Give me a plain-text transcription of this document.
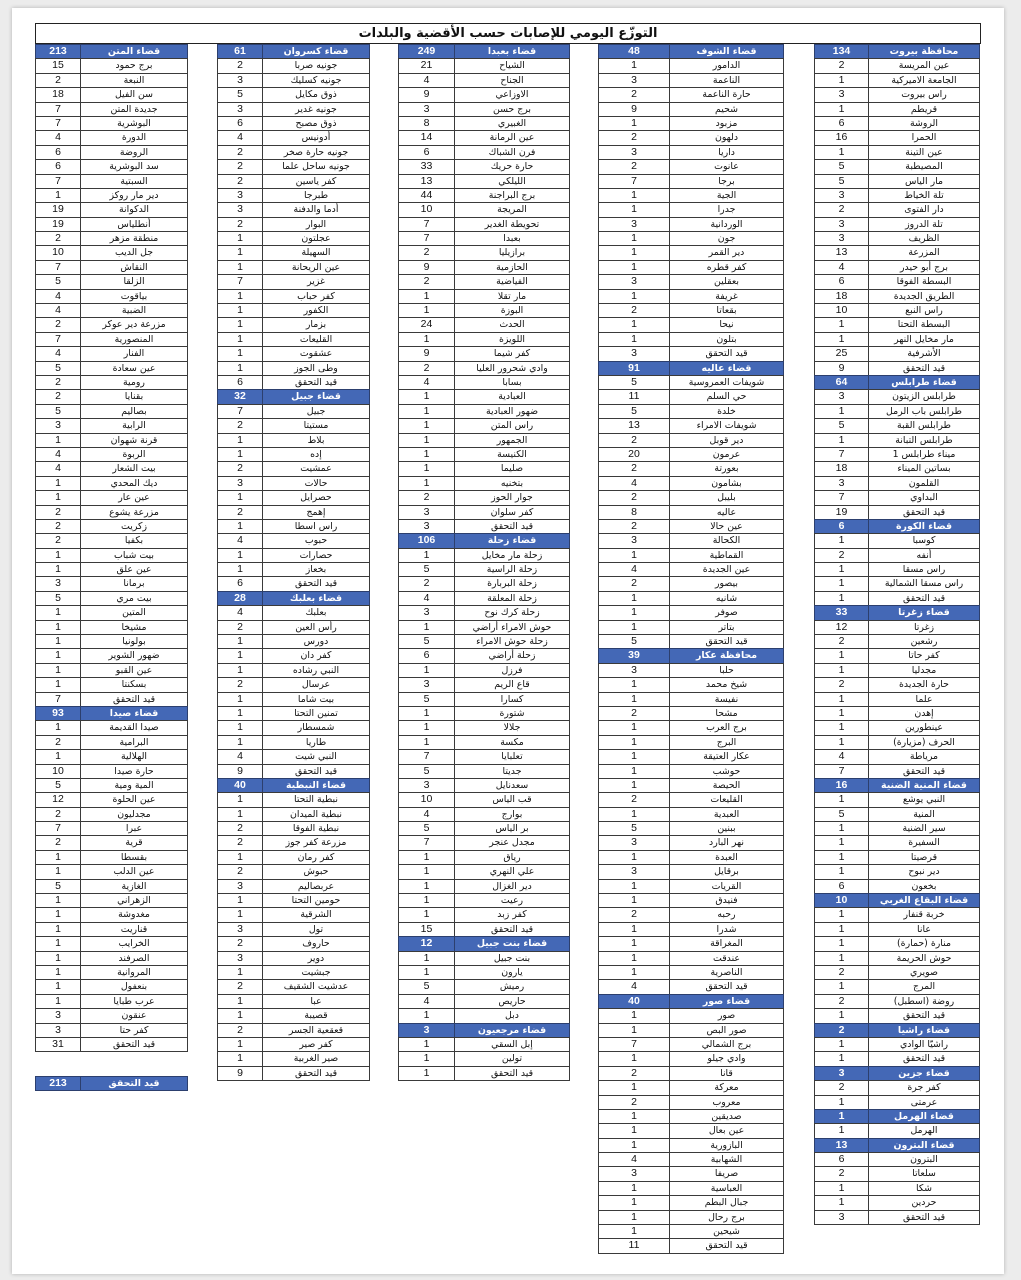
التوزّع اليومي للإصابات حسب الأقضية والبلدات
213	قضاء المتن
15	برج حمود
2	النبعة
18	سن الفيل
7	جديدة المتن
7	البوشرية
4	الدورة
6	الروضة
6	سد البوشرية
7	السبتية
1	دير مار روكز
19	الدكوانة
19	أنطلياس
2	منطقة مزهر
10	جل الديب
7	النقاش
5	الزلقا
4	بياقوت
4	الضبية
2	مزرعة دير عوكر
7	المنصورية
4	الفنار
5	عين سعادة
2	رومية
2	بقنايا
5	بصاليم
3	الرابية
1	قرنة شهوان
4	الربوة
4	بيت الشعار
1	ديك المحدي
1	عين عار
2	مزرعة يشوع
2	زكريت
2	بكفيا
1	بيت شباب
1	عين علق
3	برمانا
5	بيت مري
1	المتين
1	مشيخا
1	بولونيا
1	ضهور الشوير
1	عين القبو
1	بسكنتا
7	قيد التحقق
93	قضاء صيدا
1	صيدا القديمة
2	البرامية
1	الهلالية
10	حارة صيدا
5	المية ومية
12	عين الحلوة
2	مجدليون
7	عبرا
2	قرية
1	بقسطا
1	عين الدلب
5	الغازية
1	الزهراني
1	مغدوشة
1	قناريت
1	الخرايب
1	الصرفند
1	المروانية
1	بنعفول
1	عرب طبايا
3	عنقون
3	كفر حتا
31	قيد التحقق
61	قضاء كسروان
2	جونيه صربا
3	جونيه كسليك
5	ذوق مكايل
3	جونيه غدير
6	ذوق مصبح
4	أدونيس
2	جونيه حارة صخر
2	جونيه ساحل علما
2	كفر ياسين
3	طبرجا
3	أدما والدفنة
2	البوار
1	عجلتون
1	السهيلة
1	عين الريحانة
7	غزير
1	كفر حباب
1	الكفور
1	بزمار
1	القليعات
1	عشقوت
1	وطى الجوز
6	قيد التحقق
32	قضاء جبيل
7	جبيل
2	مستيتا
1	بلاط
1	إده
2	عمشيت
3	حالات
1	حصرايل
2	إهمج
1	راس اسطا
4	حبوب
1	حصارات
1	بخعاز
6	قيد التحقق
28	قضاء بعلبك
4	بعلبك
2	رأس العين
1	دورس
1	كفر دان
1	النبي رشاده
2	عرسال
1	بيت شاما
1	تمنين التحتا
1	شمسطار
1	طاريا
4	النبي شيت
9	قيد التحقق
40	قضاء النبطية
1	نبطية التحتا
1	نبطية الميدان
2	نبطية الفوقا
2	مزرعة كفر جوز
1	كفر رمان
2	حبوش
3	عربصاليم
1	حومين التحتا
1	الشرقية
3	تول
2	حاروف
3	دوير
1	جبشيت
2	عدشيت الشقيف
1	عبا
1	قصيبة
2	قعقعية الجسر
1	كفر صير
1	صير الغربية
9	قيد التحقق
249	قضاء بعبدا
21	الشياح
4	الجناح
9	الاوزاعي
3	برج حسن
8	الغبيري
14	عين الرمانة
6	فرن الشباك
33	حارة حريك
13	الليلكي
44	برج البراجنة
10	المريجة
7	تحويطة الغدير
7	بعبدا
2	برازيليا
9	الحازمية
2	الفياضية
1	مار تقلا
1	البوزة
24	الحدث
1	اللويزة
9	كفر شيما
2	وادي شحرور العليا
4	بسابا
1	العبادية
1	ضهور العبادية
1	راس المتن
1	الجمهور
1	الكنيسة
1	صليما
1	بتخنيه
2	جوار الحوز
3	كفر سلوان
3	قيد التحقق
106	قضاء زحلة
1	زحلة مار مخايل
5	زحلة الراسية
2	زحلة البربارة
4	زحلة المعلقة
3	زحلة كرك نوح
1	حوش الامراء أراضي
5	زحلة حوش الامراء
6	زحلة أراضي
1	فرزل
3	قاع الريم
5	كسارا
1	شتورة
1	جلالا
1	مكسة
7	تعلبايا
5	جديتا
3	سعدنايل
10	قب الياس
4	بوارج
5	بر الياس
7	مجدل عنجر
1	رياق
1	علي النهري
1	دير الغزال
1	رعيت
1	كفر زبد
15	قيد التحقق
12	قضاء بنت جبيل
1	بنت جبيل
1	يارون
5	رميش
4	حاريص
1	دبل
3	قضاء مرجعيون
1	إبل السقي
1	تولين
1	قيد التحقق
48	قضاء الشوف
1	الدامور
3	الناعمة
2	حارة الناعمة
9	شحيم
1	مزبود
2	دلهون
3	داريا
2	عانوت
7	برجا
1	الجية
1	جدرا
3	الوردانية
1	جون
1	دير القمر
1	كفر قطره
3	بعقلين
1	غريفة
2	بقعاتا
1	نيحا
1	بتلون
3	قيد التحقق
91	قضاء عاليه
5	شويفات العمروسية
11	حي السلم
5	خلدة
13	شويفات الامراء
2	دير قوبل
20	عرمون
2	بعورتة
4	بشامون
2	بليبل
8	عاليه
2	عين حالا
3	الكحالة
1	القماطية
4	عين الجديدة
2	بيصور
1	شانيه
1	صوفر
1	بتاتر
5	قيد التحقق
39	محافظة عكار
3	حلبا
1	شيخ محمد
1	نفيسة
2	مشحا
1	برج العرب
1	البرج
1	عكار العتيقة
1	حوشب
1	الحيصة
2	القليعات
1	العبدية
5	ببنين
3	نهر البارد
1	العبدة
3	برقايل
1	القريات
1	فنيدق
2	رحبه
1	شدرا
1	المغراقة
1	عندقت
1	الناصرية
4	قيد التحقق
40	قضاء صور
1	صور
1	صور البص
7	برج الشمالي
1	وادي جيلو
2	قانا
1	معركة
2	معروب
1	صديقين
1	عين بعال
1	البازورية
4	الشهابية
3	صريفا
1	العباسية
1	جبال البطم
1	برج رحال
1	شيحين
11	قيد التحقق
134	محافظة بيروت
2	عين المريسة
1	الجامعة الاميركية
3	راس بيروت
1	قريطم
6	الروشة
16	الحمرا
1	عين التينة
5	المصيطبة
5	مار الياس
3	تلة الخياط
2	دار الفتوى
3	تلة الدروز
3	الظريف
13	المزرعة
4	برج أبو حيدر
6	البسطة الفوقا
18	الطريق الجديدة
10	راس النبع
1	البسطة التحتا
1	مار مخايل النهر
25	الأشرفية
9	قيد التحقق
64	قضاء طرابلس
3	طرابلس الزيتون
1	طرابلس باب الرمل
5	طرابلس القبة
1	طرابلس التبانة
7	ميناء طرابلس 1
18	بساتين الميناء
3	القلمون
7	البداوي
19	قيد التحقق
6	قضاء الكورة
1	كوسبا
2	أنفه
1	راس مسقا
1	راس مسقا الشمالية
1	قيد التحقق
33	قضاء زغرتا
12	زغرتا
2	رشعين
1	كفر حاتا
1	مجدليا
2	حارة الجديدة
1	علما
1	إهدن
1	عينطورين
1	الحرف (مزيارة)
4	مرياطة
7	قيد التحقق
16	قضاء المنية الضنية
1	النبي يوشع
5	المنية
1	سير الضنية
1	السفيرة
1	قرصيتا
1	دير نبوح
6	بخعون
10	قضاء البقاع الغربي
1	خربة قنفار
1	عانا
1	منارة (حمارة)
1	حوش الحريمة
2	صويري
1	المرج
2	روضة (اسطبل)
1	قيد التحقق
2	قضاء راشيا
1	راشيّا الوادي
1	قيد التحقق
3	قضاء جزين
2	كفر جرة
1	عرمتى
1	قضاء الهرمل
1	الهرمل
13	قضاء البترون
6	البترون
2	سلعاتا
1	شكا
1	حردين
3	قيد التحقق
213	قيد التحقق
